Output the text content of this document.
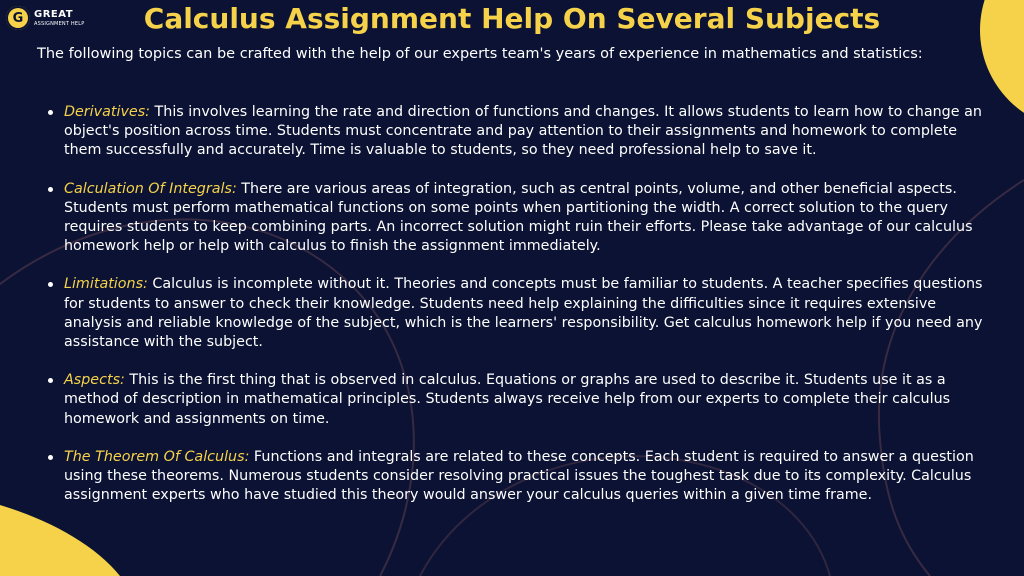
G	GREAT
ASSIGNMENT HELP	Calculus Assignment Help On Several Subjects

The following topics can be crafted with the help of our experts team's years of experience in mathematics and statistics:

Derivatives: This involves learning the rate and direction of functions and changes. It allows students to learn how to change an object's position across time. Students must concentrate and pay attention to their assignments and homework to complete them successfully and accurately. Time is valuable to students, so they need professional help to save it.
Calculation Of Integrals: There are various areas of integration, such as central points, volume, and other beneficial aspects. Students must perform mathematical functions on some points when partitioning the width. A correct solution to the query requires students to keep combining parts. An incorrect solution might ruin their efforts. Please take advantage of our calculus homework help or help with calculus to finish the assignment immediately.
Limitations: Calculus is incomplete without it. Theories and concepts must be familiar to students. A teacher specifies questions for students to answer to check their knowledge. Students need help explaining the difficulties since it requires extensive analysis and reliable knowledge of the subject, which is the learners' responsibility. Get calculus homework help if you need any assistance with the subject.
Aspects: This is the first thing that is observed in calculus. Equations or graphs are used to describe it. Students use it as a method of description in mathematical principles. Students always receive help from our experts to complete their calculus homework and assignments on time.
The Theorem Of Calculus: Functions and integrals are related to these concepts. Each student is required to answer a question using these theorems. Numerous students consider resolving practical issues the toughest task due to its complexity. Calculus assignment experts who have studied this theory would answer your calculus queries within a given time frame.
